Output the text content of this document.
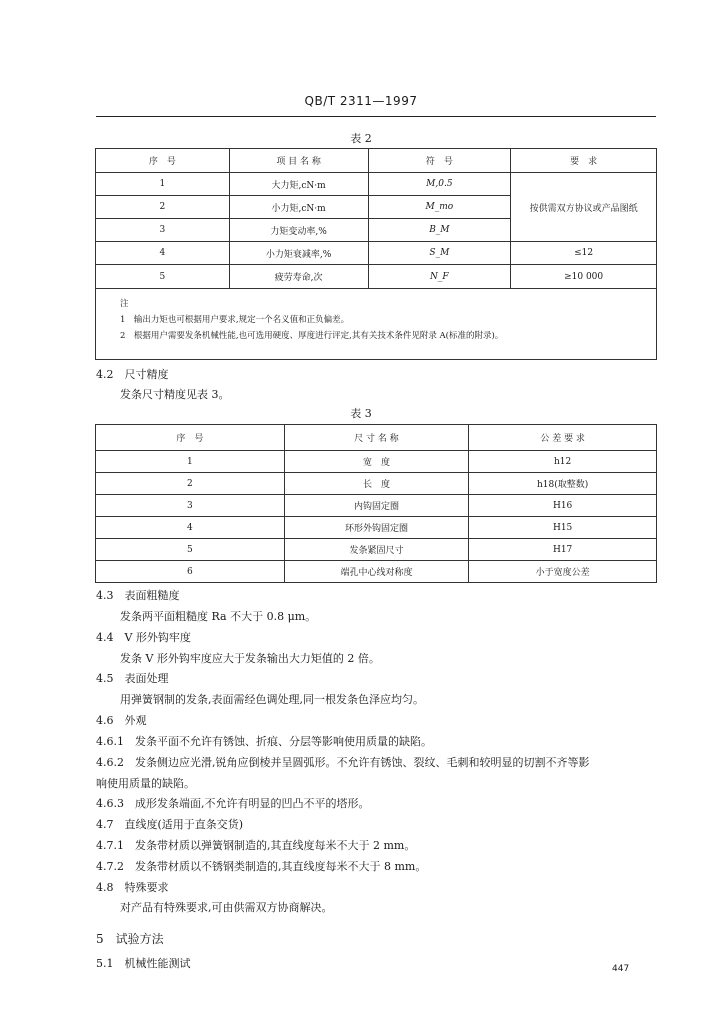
QB/T 2311—1997
表 2
序　号	项 目 名 称	符　号	要　求
1	大力矩,cN·m	M,0.5	按供需双方协议或产品图纸
2	小力矩,cN·m	M_mo	
3	力矩变动率,%	B_M	
4	小力矩衰减率,%	S_M	≤12
5	疲劳寿命,次	N_F	≥10 000
注
1　输出力矩也可根据用户要求,规定一个名义值和正负偏差。
2　根据用户需要发条机械性能,也可选用硬度、厚度进行评定,其有关技术条件见附录 A(标准的附录)。
4.2　尺寸精度
发条尺寸精度见表 3。
表 3
序　号	尺 寸 名 称	公 差 要 求
1	宽　度	h12
2	长　度	h18(取整数)
3	内钩固定圈	H16
4	环形外钩固定圈	H15
5	发条紧固尺寸	H17
6	端孔中心线对称度	小于宽度公差
4.3　表面粗糙度
发条两平面粗糙度 Ra 不大于 0.8 μm。
4.4　V 形外钩牢度
发条 V 形外钩牢度应大于发条输出大力矩值的 2 倍。
4.5　表面处理
用弹簧钢制的发条,表面需经色调处理,同一根发条色泽应均匀。
4.6　外观
4.6.1　发条平面不允许有锈蚀、折痕、分层等影响使用质量的缺陷。
4.6.2　发条侧边应光滑,锐角应倒棱并呈圆弧形。不允许有锈蚀、裂纹、毛刺和较明显的切割不齐等影
响使用质量的缺陷。
4.6.3　成形发条端面,不允许有明显的凹凸不平的塔形。
4.7　直线度(适用于直条交货)
4.7.1　发条带材质以弹簧钢制造的,其直线度每米不大于 2 mm。
4.7.2　发条带材质以不锈钢类制造的,其直线度每米不大于 8 mm。
4.8　特殊要求
对产品有特殊要求,可由供需双方协商解决。
5　试验方法
5.1　机械性能测试	447
